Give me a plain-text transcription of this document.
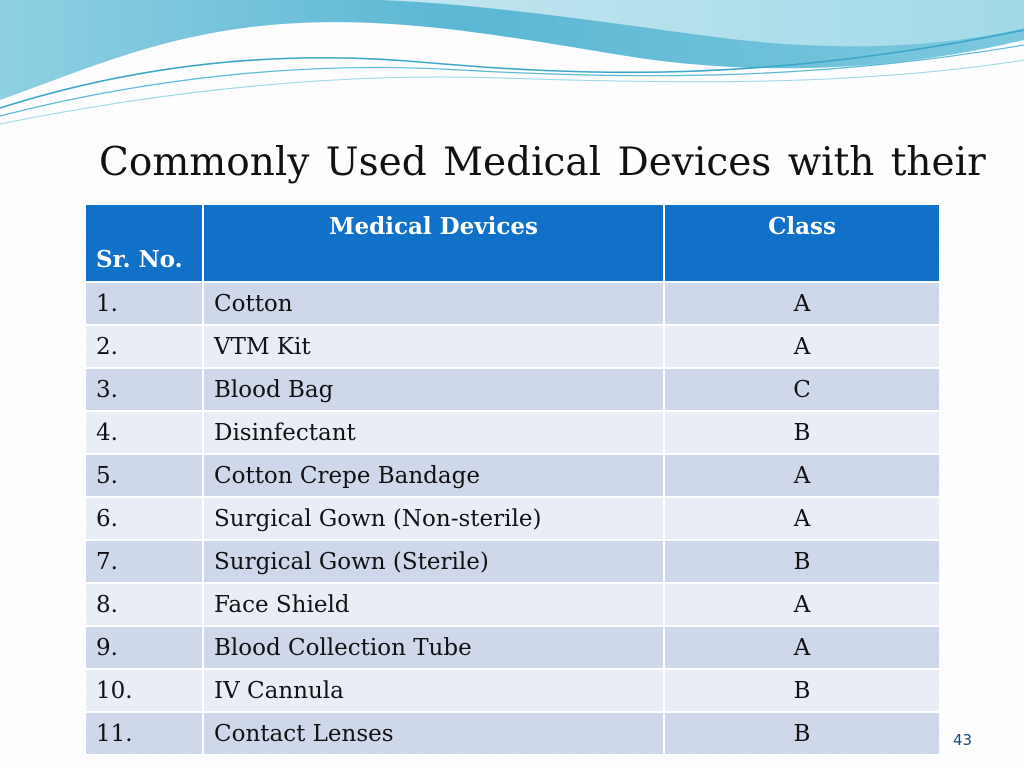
Commonly Used Medical Devices with their
Sr. No.	Medical Devices	Class
1.	Cotton	A
2.	VTM Kit	A
3.	Blood Bag	C
4.	Disinfectant	B
5.	Cotton Crepe Bandage	A
6.	Surgical Gown (Non-sterile)	A
7.	Surgical Gown (Sterile)	B
8.	Face Shield	A
9.	Blood Collection Tube	A
10.	IV Cannula	B
11.	Contact Lenses	B	43
